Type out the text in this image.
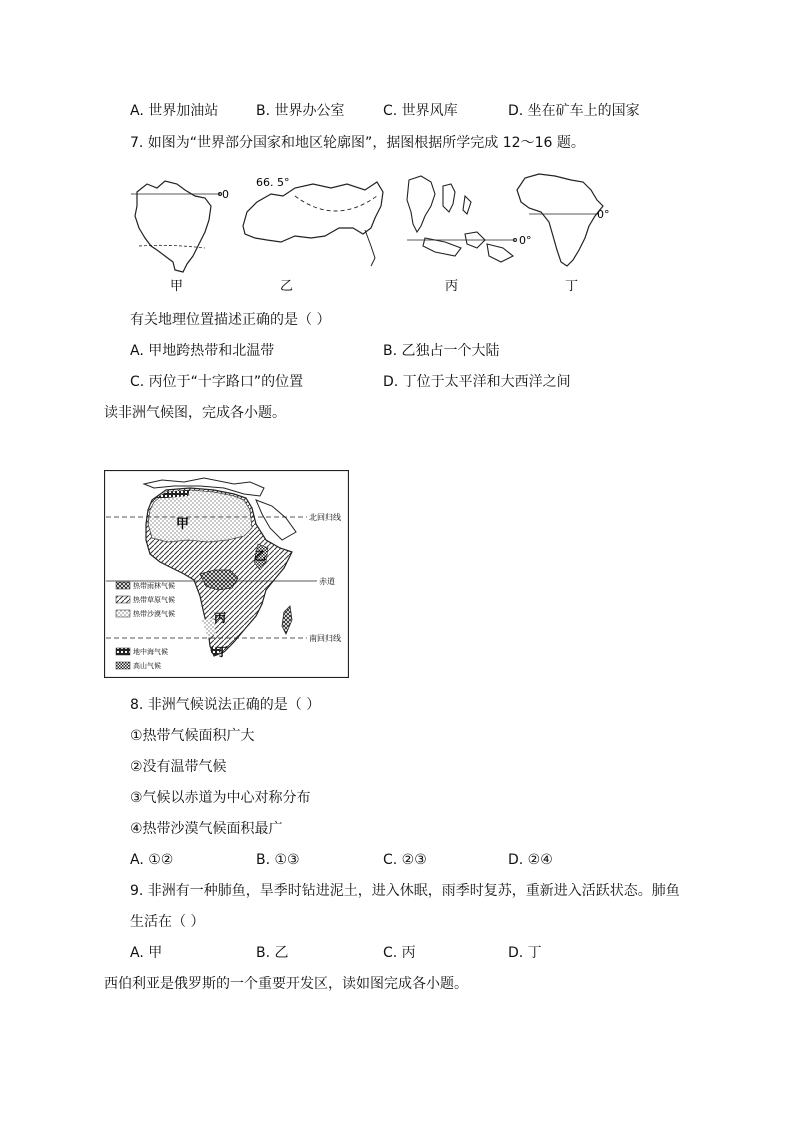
A. 世界加油站	B. 世界办公室	C. 世界风库	D. 坐在矿车上的国家
7. 如图为“世界部分国家和地区轮廓图”，据图根据所学完成 12～16 题。
0
甲
66. 5°
乙
0°
丙
0°
丁
有关地理位置描述正确的是（ ）
A. 甲地跨热带和北温带	B. 乙独占一个大陆
C. 丙位于“十字路口”的位置	D. 丁位于太平洋和大西洋之间
读非洲气候图，完成各小题。
北回归线
赤道
南回归线
甲
乙
丙
丁
热带雨林气候
热带草原气候
热带沙漠气候
地中海气候
高山气候
8. 非洲气候说法正确的是（ ）
①热带气候面积广大
②没有温带气候
③气候以赤道为中心对称分布
④热带沙漠气候面积最广
A. ①②	B. ①③	C. ②③	D. ②④
9. 非洲有一种肺鱼，旱季时钻进泥土，进入休眠，雨季时复苏，重新进入活跃状态。肺鱼
生活在（ ）
A. 甲	B. 乙	C. 丙	D. 丁
西伯利亚是俄罗斯的一个重要开发区，读如图完成各小题。
